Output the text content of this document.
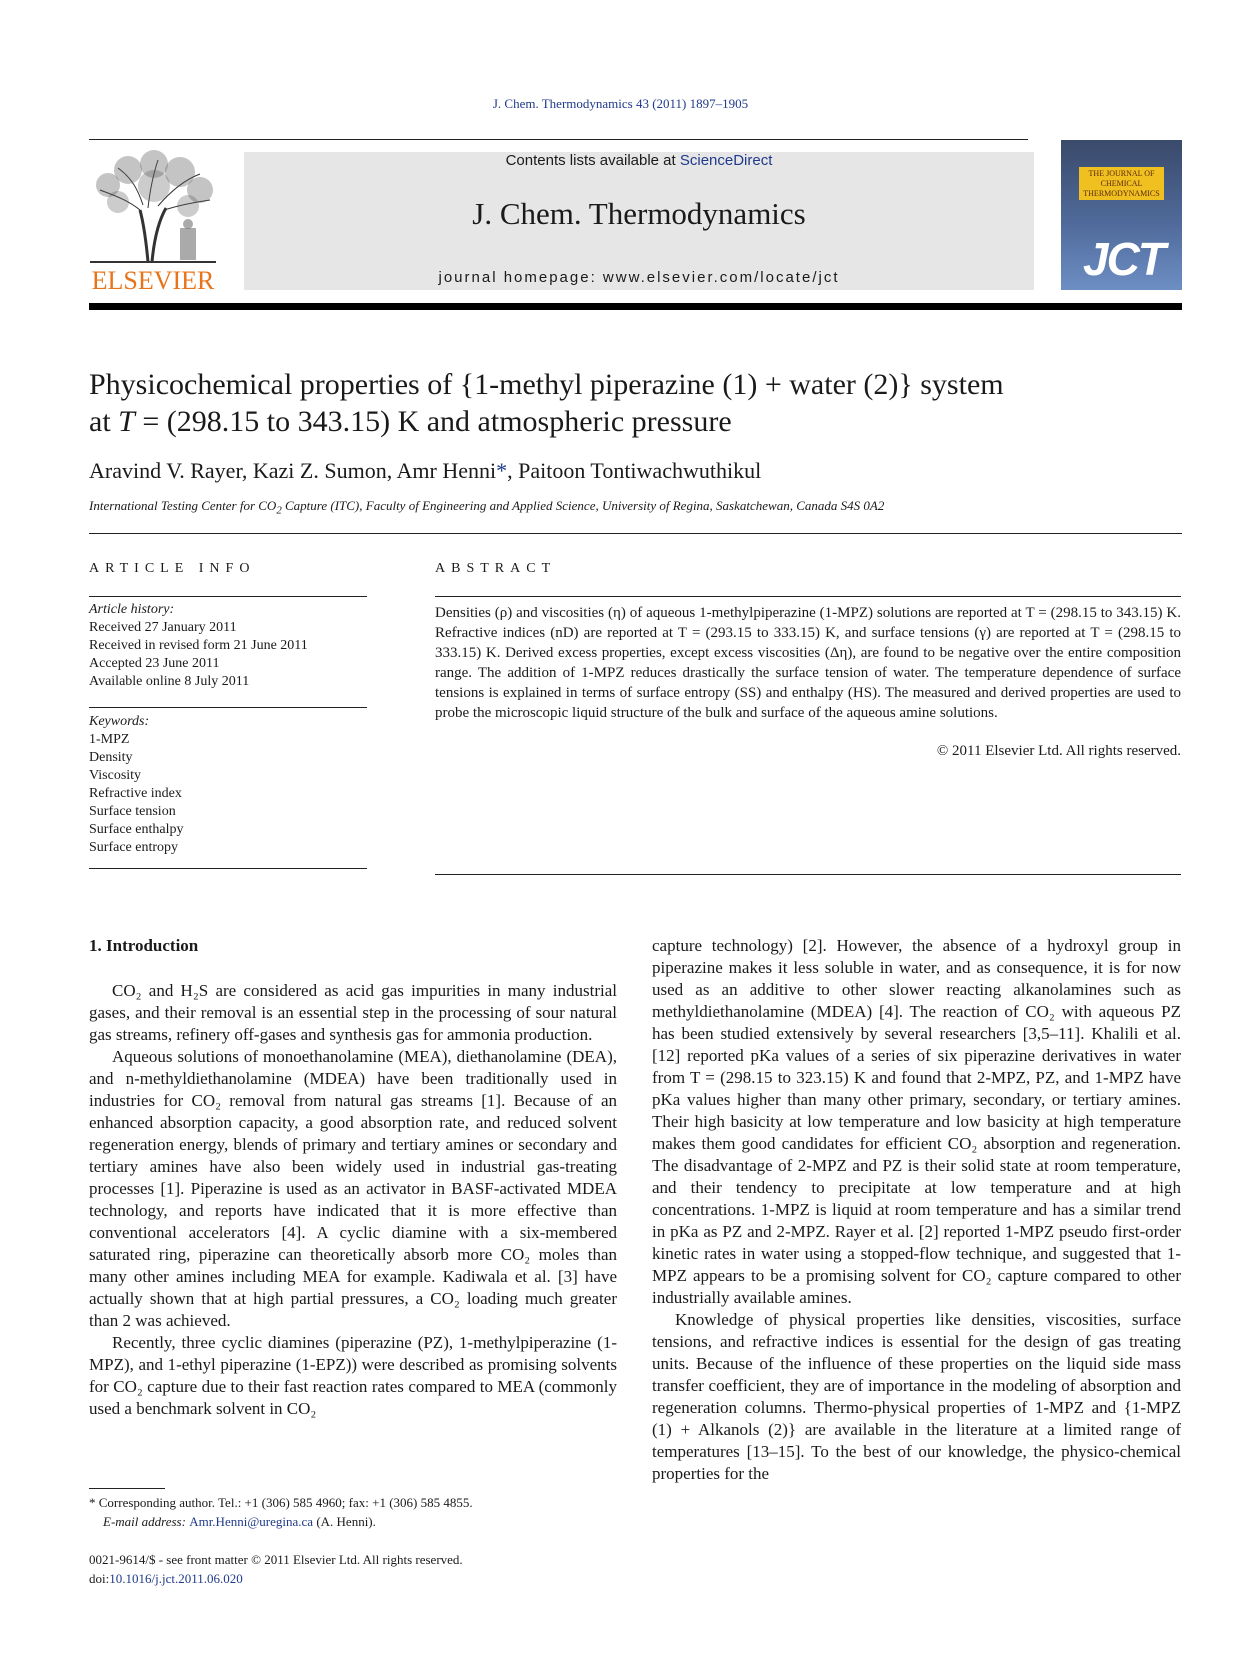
J. Chem. Thermodynamics 43 (2011) 1897–1905
ELSEVIER
Contents lists available at ScienceDirect
J. Chem. Thermodynamics
journal homepage: www.elsevier.com/locate/jct
THE JOURNAL OF CHEMICAL THERMODYNAMICS
JCT
Physicochemical properties of {1-methyl piperazine (1) + water (2)} system
at T = (298.15 to 343.15) K and atmospheric pressure
Aravind V. Rayer, Kazi Z. Sumon, Amr Henni*, Paitoon Tontiwachwuthikul
International Testing Center for $CO_2$ Capture (ITC), Faculty of Engineering and Applied Science, University of Regina, Saskatchewan, Canada S4S 0A2
ARTICLE INFO
Article history:
Received 27 January 2011
Received in revised form 21 June 2011
Accepted 23 June 2011
Available online 8 July 2011
Keywords:
1-MPZ
Density
Viscosity
Refractive index
Surface tension
Surface enthalpy
Surface entropy
ABSTRACT
Densities (ρ) and viscosities (η) of aqueous 1-methylpiperazine (1-MPZ) solutions are reported at T = (298.15 to 343.15) K. Refractive indices (nD) are reported at T = (293.15 to 333.15) K, and surface tensions (γ) are reported at T = (298.15 to 333.15) K. Derived excess properties, except excess viscosities (Δη), are found to be negative over the entire composition range. The addition of 1-MPZ reduces drastically the surface tension of water. The temperature dependence of surface tensions is explained in terms of surface entropy (SS) and enthalpy (HS). The measured and derived properties are used to probe the microscopic liquid structure of the bulk and surface of the aqueous amine solutions.
© 2011 Elsevier Ltd. All rights reserved.
1. Introduction

CO₂ and H₂S are considered as acid gas impurities in many industrial gases, and their removal is an essential step in the processing of sour natural gas streams, refinery off-gases and synthesis gas for ammonia production.

Aqueous solutions of monoethanolamine (MEA), diethanolamine (DEA), and n-methyldiethanolamine (MDEA) have been traditionally used in industries for CO₂ removal from natural gas streams [1]. Because of an enhanced absorption capacity, a good absorption rate, and reduced solvent regeneration energy, blends of primary and tertiary amines or secondary and tertiary amines have also been widely used in industrial gas-treating processes [1]. Piperazine is used as an activator in BASF-activated MDEA technology, and reports have indicated that it is more effective than conventional accelerators [4]. A cyclic diamine with a six-membered saturated ring, piperazine can theoretically absorb more CO₂ moles than many other amines including MEA for example. Kadiwala et al. [3] have actually shown that at high partial pressures, a CO₂ loading much greater than 2 was achieved.

Recently, three cyclic diamines (piperazine (PZ), 1-methylpiperazine (1-MPZ), and 1-ethyl piperazine (1-EPZ)) were described as promising solvents for CO₂ capture due to their fast reaction rates compared to MEA (commonly used a benchmark solvent in CO₂

capture technology) [2]. However, the absence of a hydroxyl group in piperazine makes it less soluble in water, and as consequence, it is for now used as an additive to other slower reacting alkanolamines such as methyldiethanolamine (MDEA) [4]. The reaction of CO₂ with aqueous PZ has been studied extensively by several researchers [3,5–11]. Khalili et al. [12] reported pKa values of a series of six piperazine derivatives in water from T = (298.15 to 323.15) K and found that 2-MPZ, PZ, and 1-MPZ have pKa values higher than many other primary, secondary, or tertiary amines. Their high basicity at low temperature and low basicity at high temperature makes them good candidates for efficient CO₂ absorption and regeneration. The disadvantage of 2-MPZ and PZ is their solid state at room temperature, and their tendency to precipitate at low temperature and at high concentrations. 1-MPZ is liquid at room temperature and has a similar trend in pKa as PZ and 2-MPZ. Rayer et al. [2] reported 1-MPZ pseudo first-order kinetic rates in water using a stopped-flow technique, and suggested that 1-MPZ appears to be a promising solvent for CO₂ capture compared to other industrially available amines.

Knowledge of physical properties like densities, viscosities, surface tensions, and refractive indices is essential for the design of gas treating units. Because of the influence of these properties on the liquid side mass transfer coefficient, they are of importance in the modeling of absorption and regeneration columns. Thermo-physical properties of 1-MPZ and {1-MPZ (1) + Alkanols (2)} are available in the literature at a limited range of temperatures [13–15]. To the best of our knowledge, the physico-chemical properties for the

* Corresponding author. Tel.: +1 (306) 585 4960; fax: +1 (306) 585 4855.
E-mail address: Amr.Henni@uregina.ca (A. Henni).
0021-9614/$ - see front matter © 2011 Elsevier Ltd. All rights reserved.
doi:10.1016/j.jct.2011.06.020
